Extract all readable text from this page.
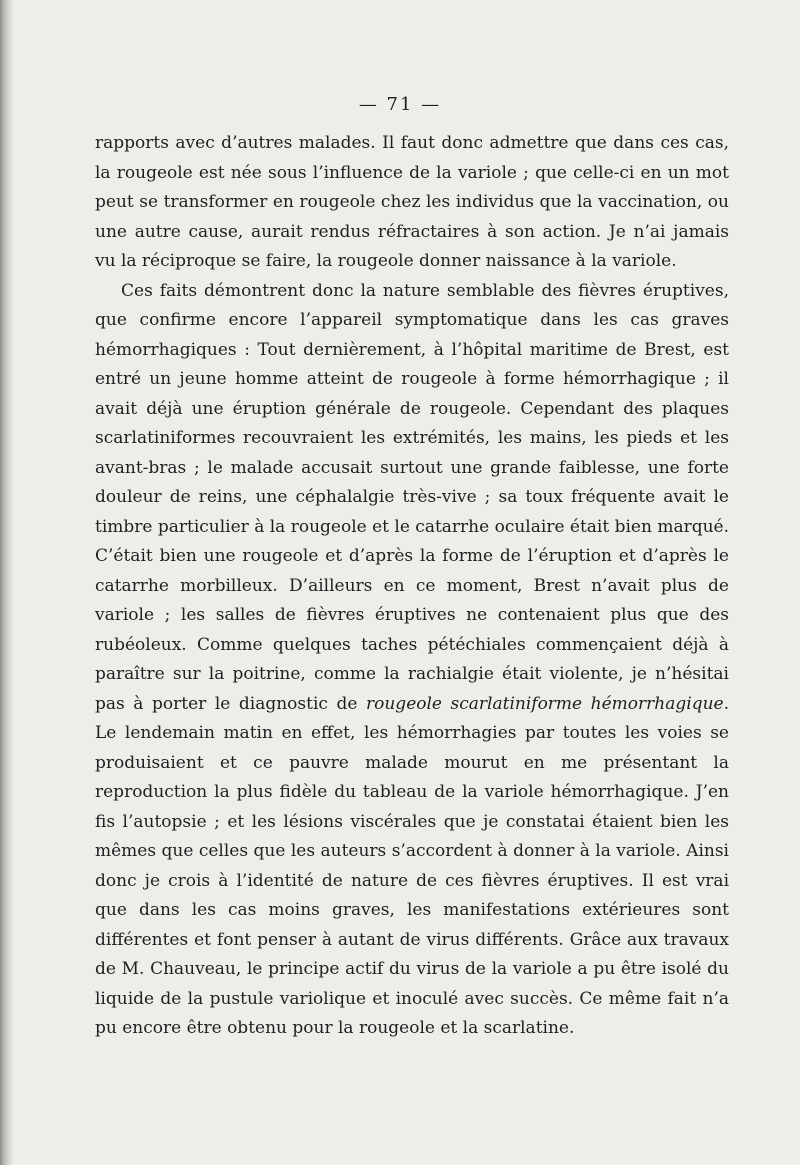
— 71 —

rapports avec d’autres malades. Il faut donc admettre que dans ces cas, la rougeole est née sous l’influence de la variole ; que celle-ci en un mot peut se transformer en rougeole chez les individus que la vaccination, ou une autre cause, aurait rendus réfractaires à son action. Je n’ai jamais vu la réciproque se faire, la rougeole donner naissance à la variole.

Ces faits démontrent donc la nature semblable des fièvres éruptives, que confirme encore l’appareil symptomatique dans les cas graves hémorrhagiques : Tout dernièrement, à l’hôpital maritime de Brest, est entré un jeune homme atteint de rougeole à forme hémorrhagique ; il avait déjà une éruption générale de rougeole. Cependant des plaques scarlatiniformes recouvraient les extrémités, les mains, les pieds et les avant-bras ; le malade accusait surtout une grande faiblesse, une forte douleur de reins, une céphalalgie très-vive ; sa toux fréquente avait le timbre particulier à la rougeole et le catarrhe oculaire était bien marqué. C’était bien une rougeole et d’après la forme de l’éruption et d’après le catarrhe morbilleux. D’ailleurs en ce moment, Brest n’avait plus de variole ; les salles de fièvres éruptives ne contenaient plus que des rubéoleux. Comme quelques taches pétéchiales commençaient déjà à paraître sur la poitrine, comme la rachialgie était violente, je n’hésitai pas à porter le diagnostic de rougeole scarlatiniforme hémorrhagique. Le lendemain matin en effet, les hémorrhagies par toutes les voies se produisaient et ce pauvre malade mourut en me présentant la reproduction la plus fidèle du tableau de la variole hémorrhagique. J’en fis l’autopsie ; et les lésions viscérales que je constatai étaient bien les mêmes que celles que les auteurs s’accordent à donner à la variole. Ainsi donc je crois à l’identité de nature de ces fièvres éruptives. Il est vrai que dans les cas moins graves, les manifestations extérieures sont différentes et font penser à autant de virus différents. Grâce aux travaux de M. Chauveau, le principe actif du virus de la variole a pu être isolé du liquide de la pustule variolique et inoculé avec succès. Ce même fait n’a pu encore être obtenu pour la rougeole et la scarlatine.
